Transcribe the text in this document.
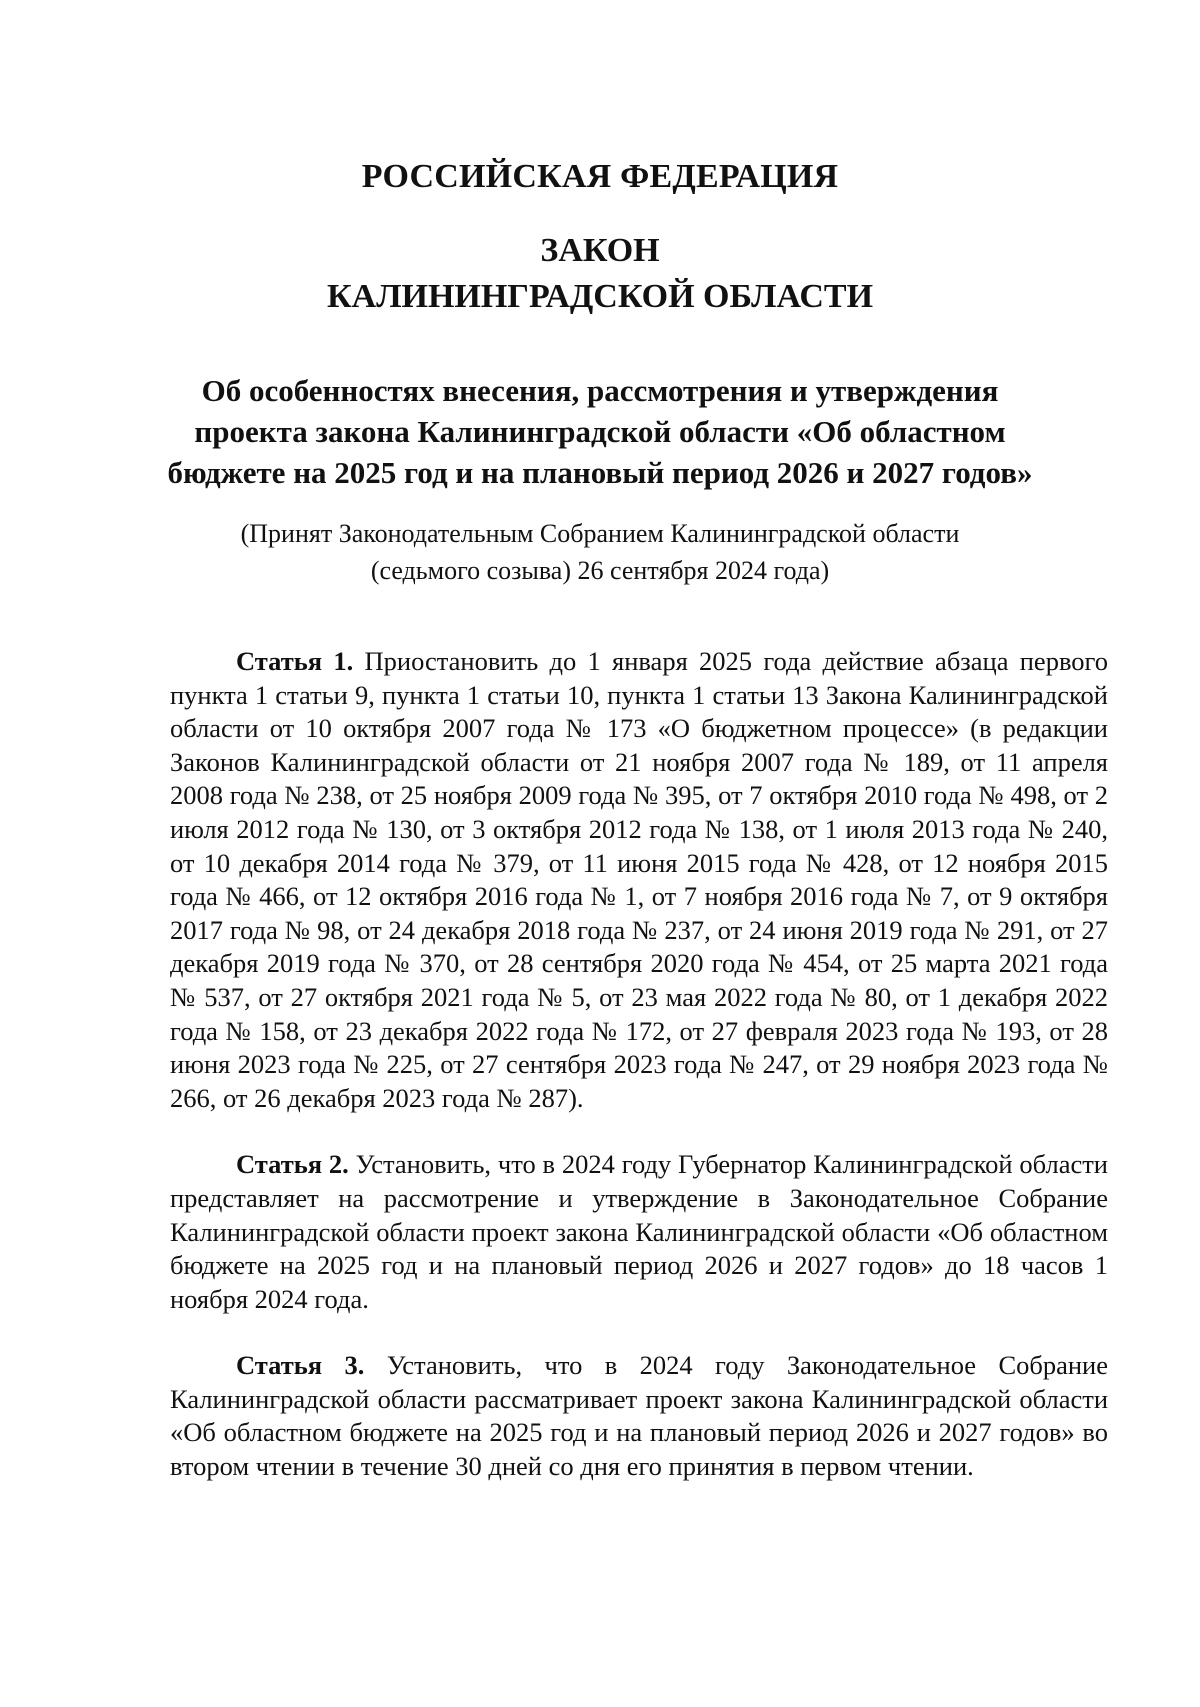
РОССИЙСКАЯ ФЕДЕРАЦИЯ
ЗАКОН
КАЛИНИНГРАДСКОЙ ОБЛАСТИ
Об особенностях внесения, рассмотрения и утверждения
проекта закона Калининградской области «Об областном
бюджете на 2025 год и на плановый период 2026 и 2027 годов»
(Принят Законодательным Собранием Калининградской области
(седьмого созыва) 26 сентября 2024 года)

Статья 1. Приостановить до 1 января 2025 года действие абзаца первого пункта 1 статьи 9, пункта 1 статьи 10, пункта 1 статьи 13 Закона Калининградской области от 10 октября 2007 года № 173 «О бюджетном процессе» (в редакции Законов Калининградской области от 21 ноября 2007 года № 189, от 11 апреля 2008 года № 238, от 25 ноября 2009 года № 395, от 7 октября 2010 года № 498, от 2 июля 2012 года № 130, от 3 октября 2012 года № 138, от 1 июля 2013 года № 240, от 10 декабря 2014 года № 379, от 11 июня 2015 года № 428, от 12 ноября 2015 года № 466, от 12 октября 2016 года № 1, от 7 ноября 2016 года № 7, от 9 октября 2017 года № 98, от 24 декабря 2018 года № 237, от 24 июня 2019 года № 291, от 27 декабря 2019 года № 370, от 28 сентября 2020 года № 454, от 25 марта 2021 года № 537, от 27 октября 2021 года № 5, от 23 мая 2022 года № 80, от 1 декабря 2022 года № 158, от 23 декабря 2022 года № 172, от 27 февраля 2023 года № 193, от 28 июня 2023 года № 225, от 27 сентября 2023 года № 247, от 29 ноября 2023 года № 266, от 26 декабря 2023 года № 287).

Статья 2. Установить, что в 2024 году Губернатор Калининградской области представляет на рассмотрение и утверждение в Законодательное Собрание Калининградской области проект закона Калининградской области «Об областном бюджете на 2025 год и на плановый период 2026 и 2027 годов» до 18 часов 1 ноября 2024 года.

Статья 3. Установить, что в 2024 году Законодательное Собрание Калининградской области рассматривает проект закона Калининградской области «Об областном бюджете на 2025 год и на плановый период 2026 и 2027 годов» во втором чтении в течение 30 дней со дня его принятия в первом чтении.
